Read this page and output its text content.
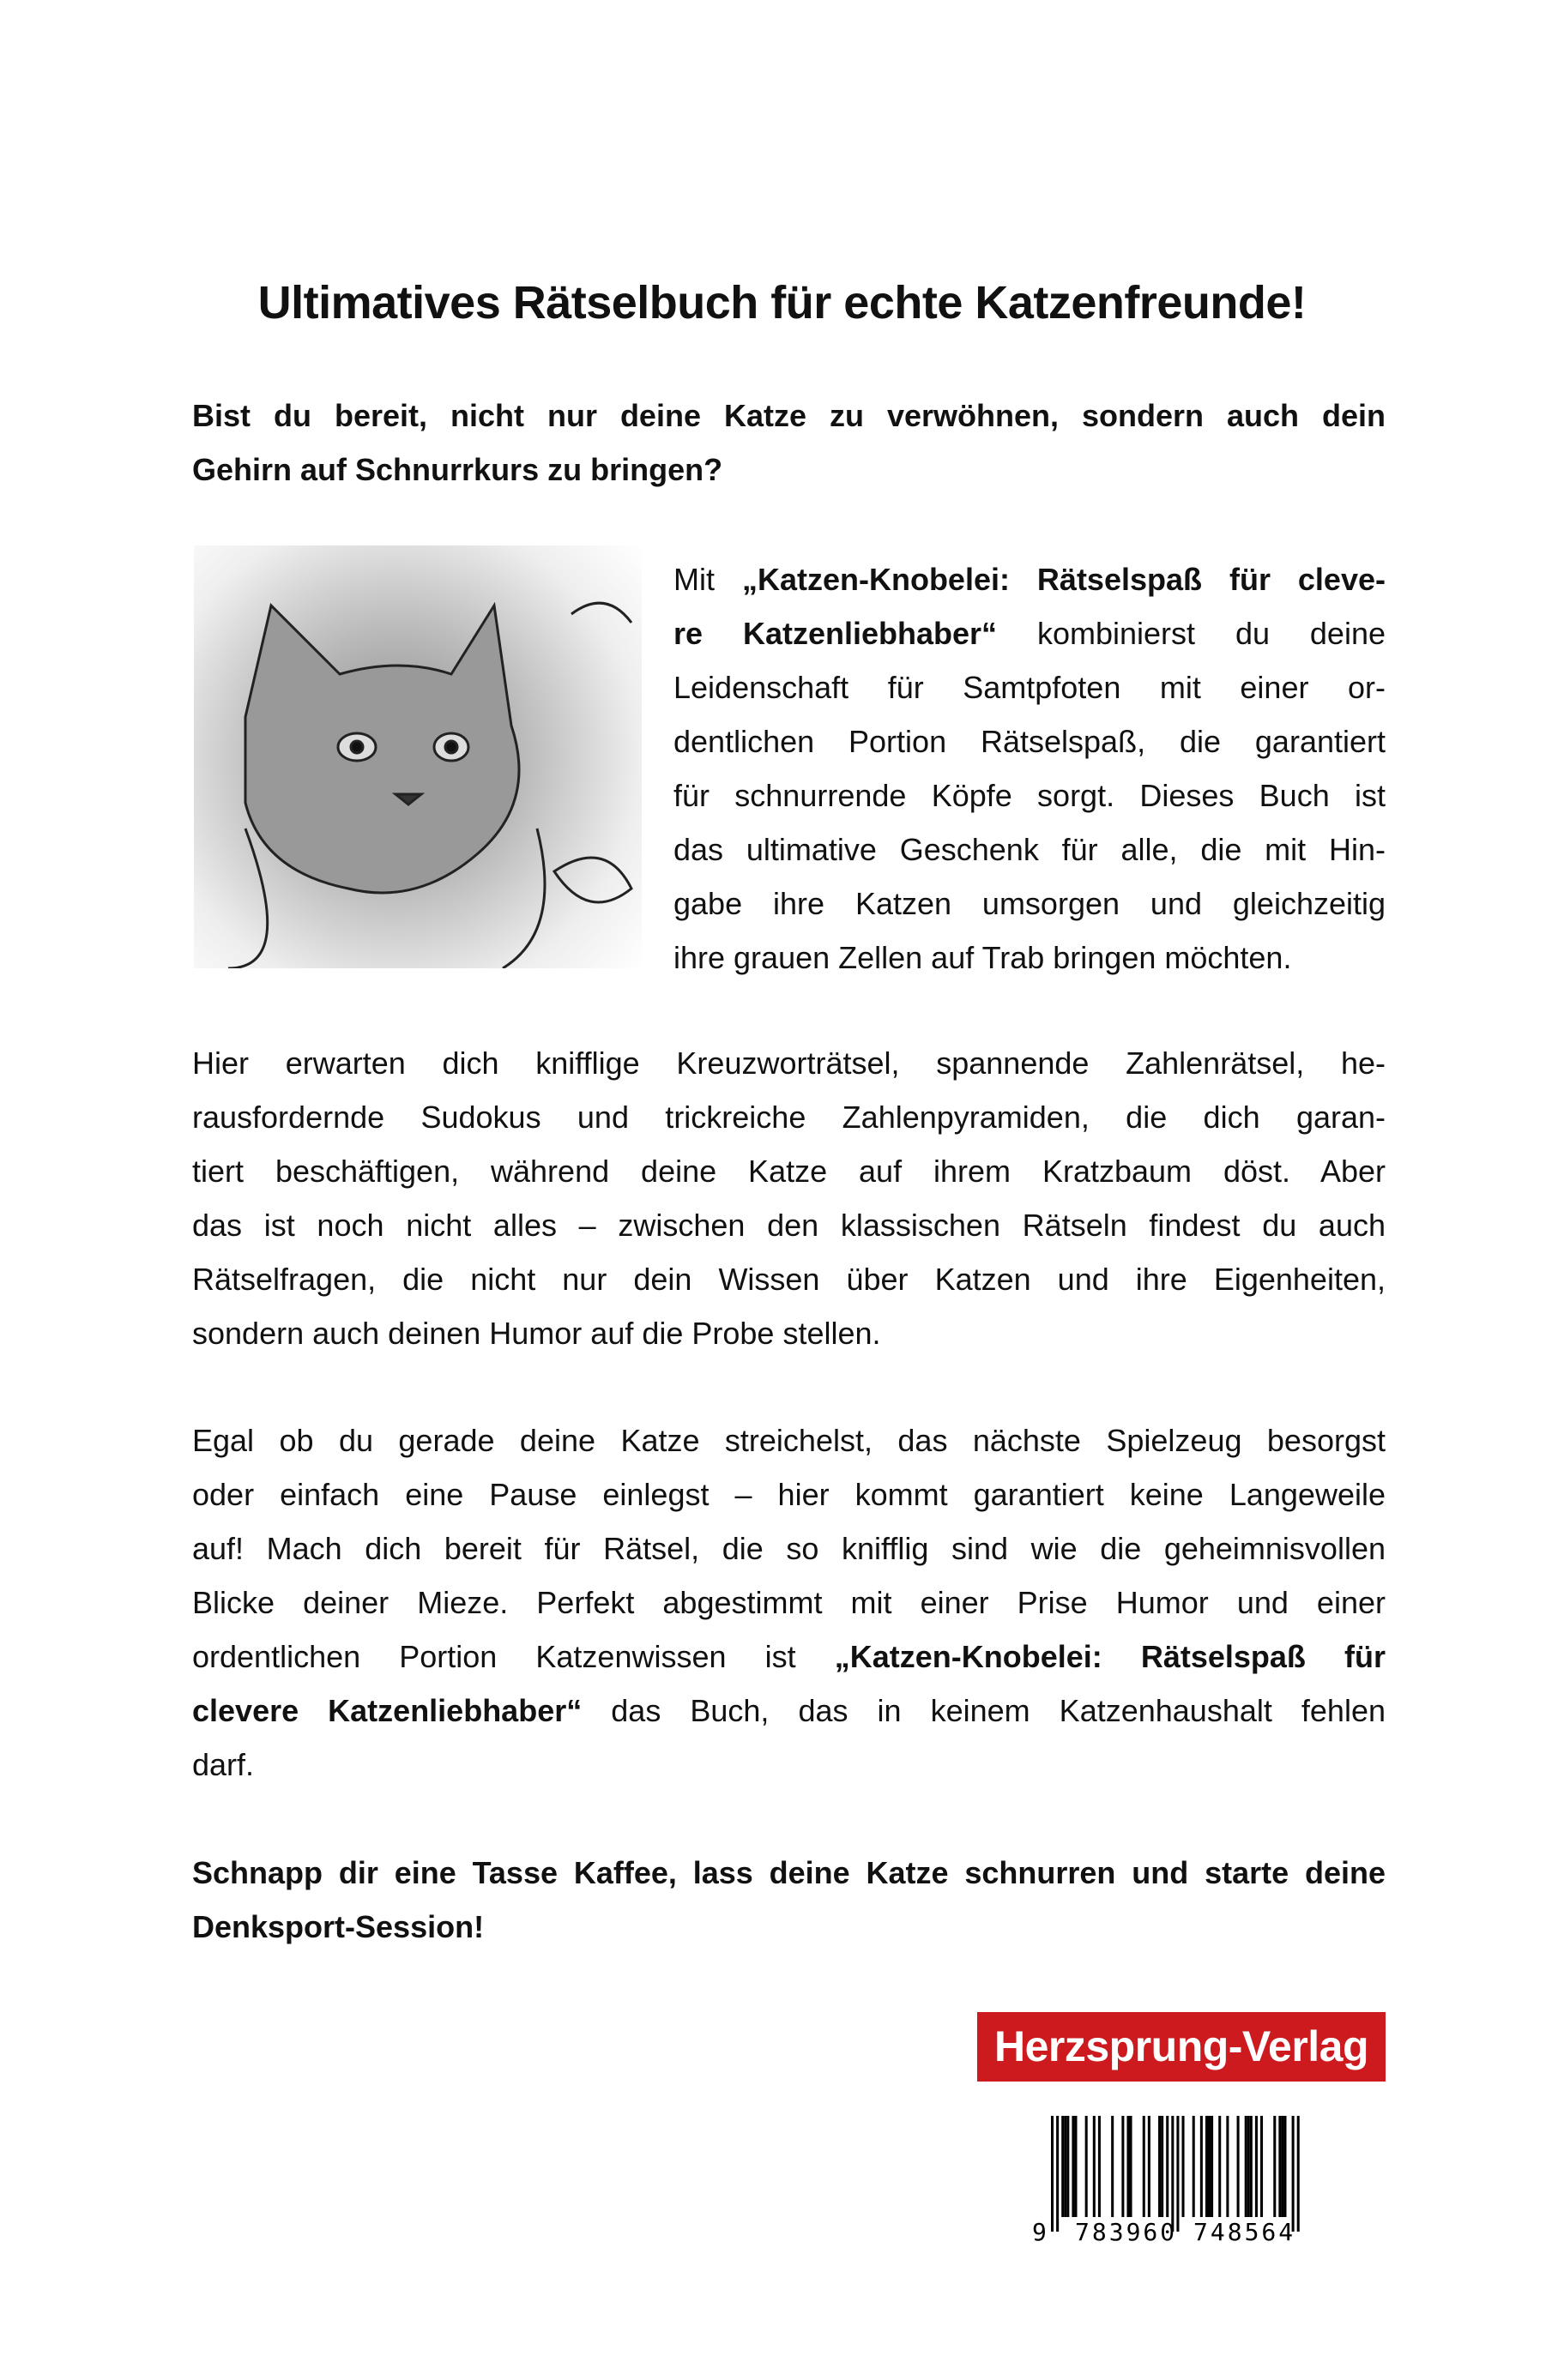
Ultimatives Rätselbuch für echte Katzenfreunde!
Bist du bereit, nicht nur deine Katze zu verwöhnen, sondern auch dein
Gehirn auf Schnurrkurs zu bringen?
Mit „Katzen-Knobelei: Rätselspaß für cleve-
re Katzenliebhaber“ kombinierst du deine
Leidenschaft für Samtpfoten mit einer or-
dentlichen Portion Rätselspaß, die garantiert
für schnurrende Köpfe sorgt. Dieses Buch ist
das ultimative Geschenk für alle, die mit Hin-
gabe ihre Katzen umsorgen und gleichzeitig
ihre grauen Zellen auf Trab bringen möchten.
Hier erwarten dich knifflige Kreuzworträtsel, spannende Zahlenrätsel, he-
rausfordernde Sudokus und trickreiche Zahlenpyramiden, die dich garan-
tiert beschäftigen, während deine Katze auf ihrem Kratzbaum döst. Aber
das ist noch nicht alles – zwischen den klassischen Rätseln findest du auch
Rätselfragen, die nicht nur dein Wissen über Katzen und ihre Eigenheiten,
sondern auch deinen Humor auf die Probe stellen.
Egal ob du gerade deine Katze streichelst, das nächste Spielzeug besorgst
oder einfach eine Pause einlegst – hier kommt garantiert keine Langeweile
auf! Mach dich bereit für Rätsel, die so knifflig sind wie die geheimnisvollen
Blicke deiner Mieze. Perfekt abgestimmt mit einer Prise Humor und einer
ordentlichen Portion Katzenwissen ist „Katzen-Knobelei: Rätselspaß für
clevere Katzenliebhaber“ das Buch, das in keinem Katzenhaushalt fehlen
darf.
Schnapp dir eine Tasse Kaffee, lass deine Katze schnurren und starte deine
Denksport-Session!
Herzsprung-Verlag
9 783960 748564
